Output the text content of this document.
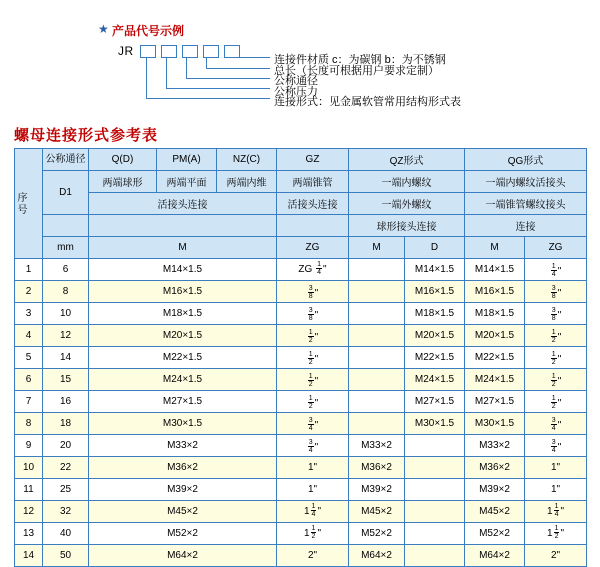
★ 产品代号示例
JR
连接件材质 c：为碳钢 b：为不锈钢
总长（长度可根据用户要求定制）
公称通径
公称压力
连接形式：见金属软管常用结构形式表
螺母连接形式参考表
序号	公称通径	Q(D)	PM(A)	NZ(C)	GZ	QZ形式		QG形式	
	D1	两端球形	两端平面	两端内维	两端锥管	一端内螺纹		一端内螺纹活接头	
		活接头连接			活接头连接	一端外螺纹		一端锥管螺纹接头	
						球形接头连接		连接	
	mm	M			ZG	M	D	M	ZG
1	6	M14×1.5			ZG $\frac{1}{4}$ "		M14×1.5	M14×1.5	$\frac{1}{4}$ "

2	8	M16×1.5			$\frac{3}{8}$ "		M16×1.5	M16×1.5	$\frac{3}{8}$ "

3	10	M18×1.5			$\frac{3}{8}$ "		M18×1.5	M18×1.5	$\frac{3}{8}$ "

4	12	M20×1.5			$\frac{1}{2}$ "		M20×1.5	M20×1.5	$\frac{1}{2}$ "

5	14	M22×1.5			$\frac{1}{2}$ "		M22×1.5	M22×1.5	$\frac{1}{2}$ "

6	15	M24×1.5			$\frac{1}{2}$ "		M24×1.5	M24×1.5	$\frac{1}{2}$ "

7	16	M27×1.5			$\frac{1}{2}$ "		M27×1.5	M27×1.5	$\frac{1}{2}$ "

8	18	M30×1.5			$\frac{3}{4}$ "		M30×1.5	M30×1.5	$\frac{3}{4}$ "

9	20	M33×2			$\frac{3}{4}$ "	M33×2		M33×2	$\frac{3}{4}$ "

10	22	M36×2			1"	M36×2		M36×2	1"
11	25	M39×2			1"	M39×2		M39×2	1"
12	32	M45×2			$1 \frac{1}{4}$ "	M45×2		M45×2	$1 \frac{1}{4}$ "

13	40	M52×2			$1 \frac{1}{2}$ "	M52×2		M52×2	$1 \frac{1}{2}$ "

14	50	M64×2			2"	M64×2		M64×2	2"
